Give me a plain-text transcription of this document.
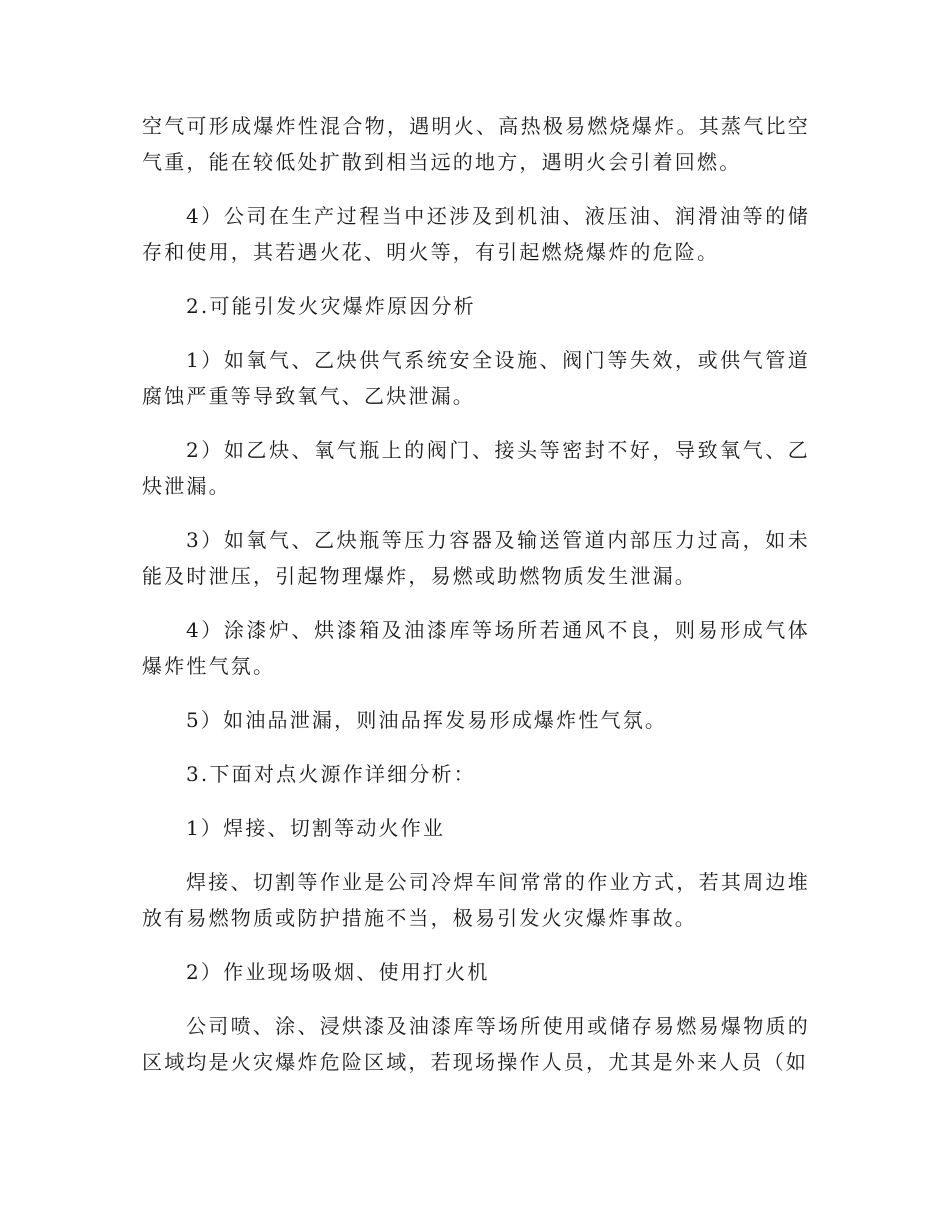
空气可形成爆炸性混合物，遇明火、高热极易燃烧爆炸。其蒸气比空气重，能在较低处扩散到相当远的地方，遇明火会引着回燃。

4）公司在生产过程当中还涉及到机油、液压油、润滑油等的储存和使用，其若遇火花、明火等，有引起燃烧爆炸的危险。

2.可能引发火灾爆炸原因分析

1）如氧气、乙炔供气系统安全设施、阀门等失效，或供气管道腐蚀严重等导致氧气、乙炔泄漏。

2）如乙炔、氧气瓶上的阀门、接头等密封不好，导致氧气、乙炔泄漏。

3）如氧气、乙炔瓶等压力容器及输送管道内部压力过高，如未能及时泄压，引起物理爆炸，易燃或助燃物质发生泄漏。

4）涂漆炉、烘漆箱及油漆库等场所若通风不良，则易形成气体爆炸性气氛。

5）如油品泄漏，则油品挥发易形成爆炸性气氛。

3.下面对点火源作详细分析：

1）焊接、切割等动火作业

焊接、切割等作业是公司冷焊车间常常的作业方式，若其周边堆放有易燃物质或防护措施不当，极易引发火灾爆炸事故。

2）作业现场吸烟、使用打火机

公司喷、涂、浸烘漆及油漆库等场所使用或储存易燃易爆物质的区域均是火灾爆炸危险区域，若现场操作人员，尤其是外来人员（如
